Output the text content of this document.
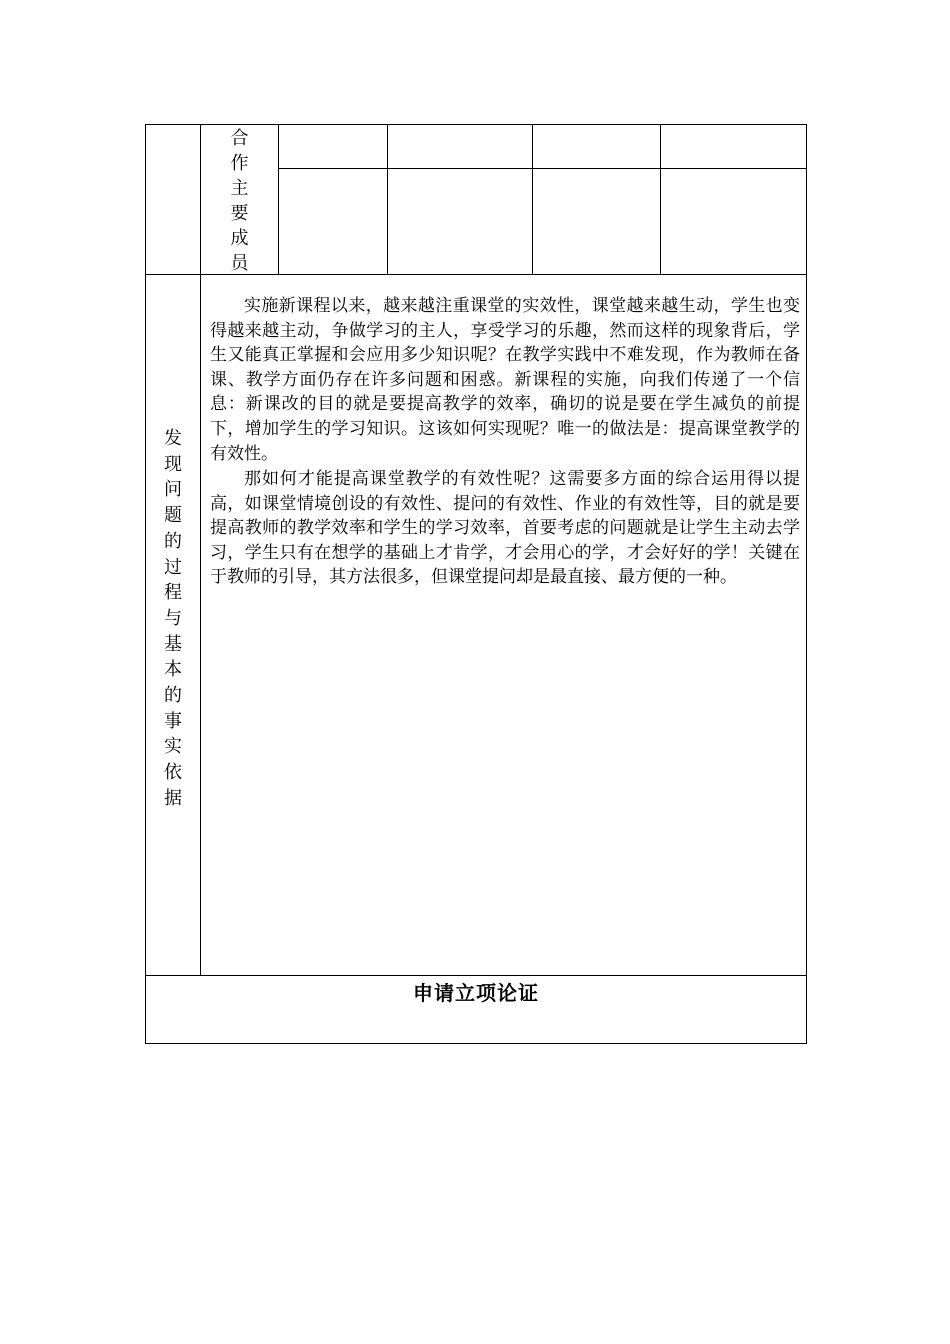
合
作
主
要
成
员
发
现
问
题
的
过
程
与
基
本
的
事
实
依
据

实施新课程以来，越来越注重课堂的实效性，课堂越来越生动，学生也变得越来越主动，争做学习的主人，享受学习的乐趣，然而这样的现象背后，学生又能真正掌握和会应用多少知识呢？在教学实践中不难发现，作为教师在备课、教学方面仍存在许多问题和困惑。新课程的实施，向我们传递了一个信息：新课改的目的就是要提高教学的效率，确切的说是要在学生减负的前提下，增加学生的学习知识。这该如何实现呢？唯一的做法是：提高课堂教学的有效性。

那如何才能提高课堂教学的有效性呢？这需要多方面的综合运用得以提高，如课堂情境创设的有效性、提问的有效性、作业的有效性等，目的就是要提高教师的教学效率和学生的学习效率，首要考虑的问题就是让学生主动去学习，学生只有在想学的基础上才肯学，才会用心的学，才会好好的学！关键在于教师的引导，其方法很多，但课堂提问却是最直接、最方便的一种。

申请立项论证
